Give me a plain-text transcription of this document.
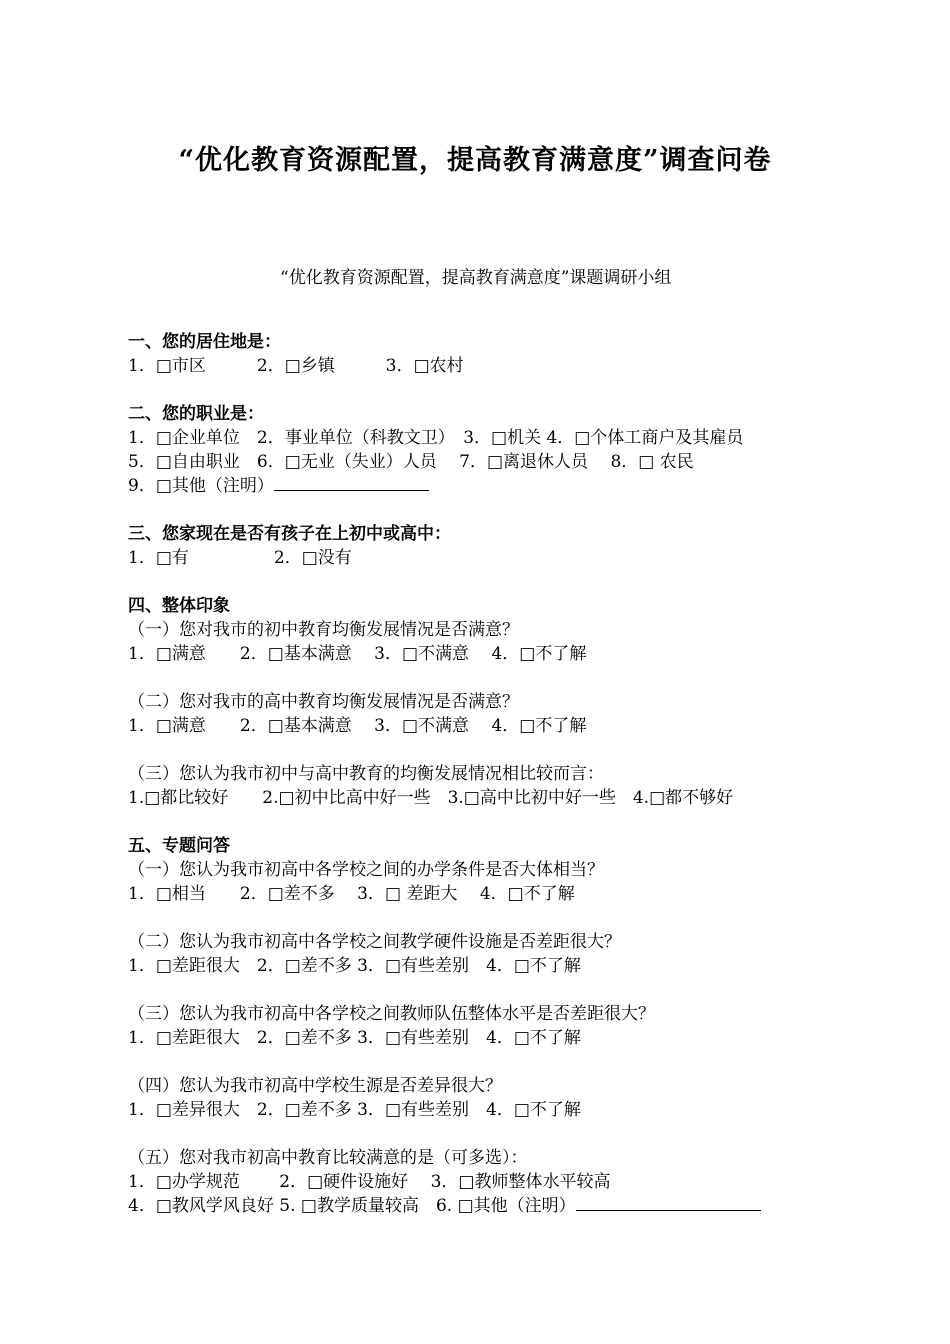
“优化教育资源配置，提高教育满意度”调查问卷
“优化教育资源配置，提高教育满意度”课题调研小组
一、您的居住地是：
1．□市区　　　2．□乡镇　　　3．□农村
二、您的职业是：
1．□企业单位　2．事业单位（科教文卫）　3．□机关 4．□个体工商户及其雇员
5．□自由职业　6．□无业（失业）人员　 7．□离退休人员　 8．□ 农民
9．□其他（注明）
三、您家现在是否有孩子在上初中或高中：
1．□有　　　　　2．□没有
四、整体印象
（一）您对我市的初中教育均衡发展情况是否满意？
1．□满意　　2．□基本满意　 3．□不满意　 4．□不了解
（二）您对我市的高中教育均衡发展情况是否满意？
1．□满意　　2．□基本满意　 3．□不满意　 4．□不了解
（三）您认为我市初中与高中教育的均衡发展情况相比较而言：
1.□都比较好　　2.□初中比高中好一些　3.□高中比初中好一些　4.□都不够好
五、专题问答
（一）您认为我市初高中各学校之间的办学条件是否大体相当？
1．□相当　　2．□差不多　 3．□ 差距大　 4．□不了解
（二）您认为我市初高中各学校之间教学硬件设施是否差距很大？
1．□差距很大　2．□差不多 3．□有些差别　4．□不了解
（三）您认为我市初高中各学校之间教师队伍整体水平是否差距很大？
1．□差距很大　2．□差不多 3．□有些差别　4．□不了解
（四）您认为我市初高中学校生源是否差异很大？
1．□差异很大　2．□差不多 3．□有些差别　4．□不了解
（五）您对我市初高中教育比较满意的是（可多选）：
1．□办学规范　　 2．□硬件设施好　 3．□教师整体水平较高
4．□教风学风良好 5. □教学质量较高　6. □其他（注明）
